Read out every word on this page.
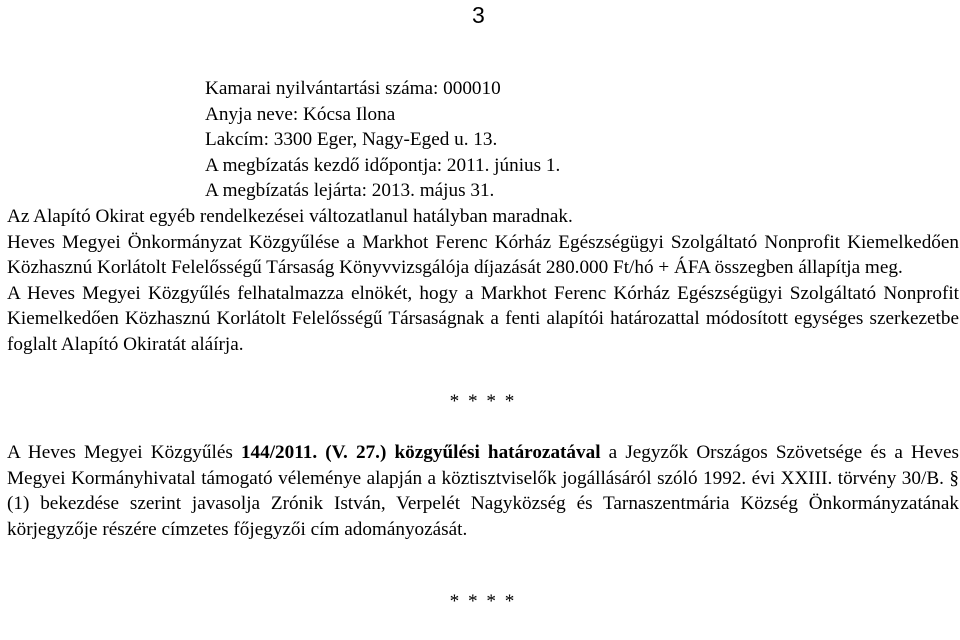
3
Kamarai nyilvántartási száma: 000010
Anyja neve: Kócsa Ilona
Lakcím: 3300 Eger, Nagy-Eged u. 13.
A megbízatás kezdő időpontja: 2011. június 1.
A megbízatás lejárta: 2013. május 31.
Az Alapító Okirat egyéb rendelkezései változatlanul hatályban maradnak.
Heves Megyei Önkormányzat Közgyűlése a Markhot Ferenc Kórház Egészségügyi Szolgáltató Nonprofit Kiemelkedően Közhasznú Korlátolt Felelősségű Társaság Könyvvizsgálója díjazását 280.000 Ft/hó + ÁFA összegben állapítja meg.
A Heves Megyei Közgyűlés felhatalmazza elnökét, hogy a Markhot Ferenc Kórház Egészségügyi Szolgáltató Nonprofit Kiemelkedően Közhasznú Korlátolt Felelősségű Társaságnak a fenti alapítói határozattal módosított egységes szerkezetbe foglalt Alapító Okiratát aláírja.
* * * *
A Heves Megyei Közgyűlés 144/2011. (V. 27.) közgyűlési határozatával a Jegyzők Országos Szövetsége és a Heves Megyei Kormányhivatal támogató véleménye alapján a köztisztviselők jogállásáról szóló 1992. évi XXIII. törvény 30/B. § (1) bekezdése szerint javasolja Zrónik István, Verpelét Nagyközség és Tarnaszentmária Község Önkormányzatának körjegyzője részére címzetes főjegyzői cím adományozását.
* * * *
